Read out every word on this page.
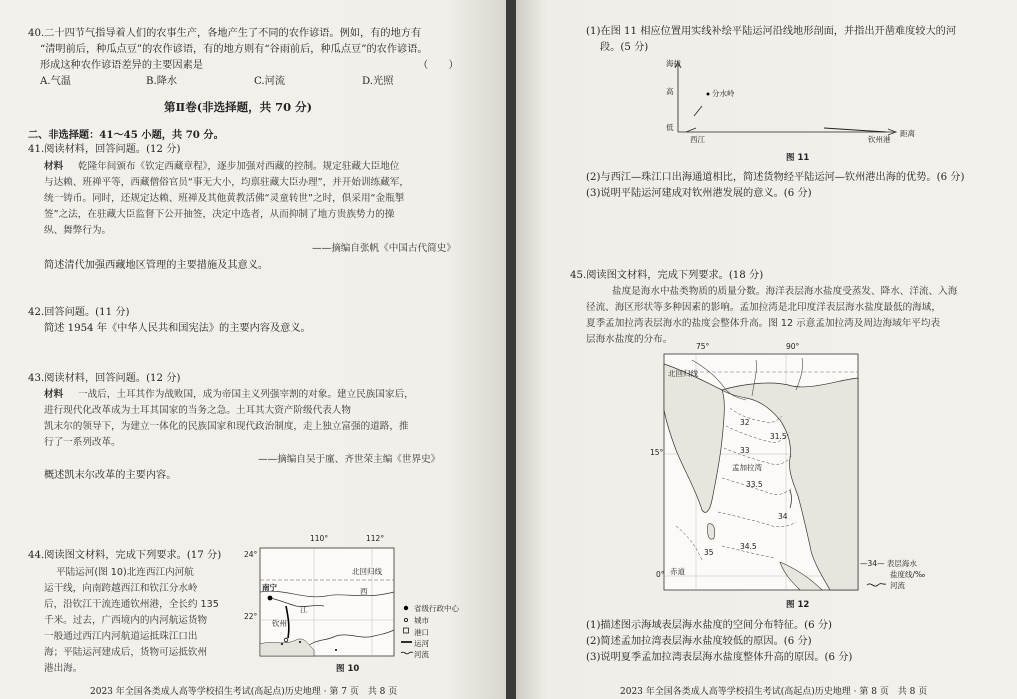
40.二十四节气指导着人们的农事生产，各地产生了不同的农作谚语。例如，有的地方有
“清明前后，种瓜点豆”的农作谚语，有的地方则有“谷雨前后，种瓜点豆”的农作谚语。
形成这种农作谚语差异的主要因素是	（　　）
A.气温	B.降水	C.河流	D.光照
第Ⅱ卷(非选择题，共 70 分)
二、非选择题：41～45 小题，共 70 分。
41.阅读材料，回答问题。(12 分)
材料 乾隆年间颁布《钦定西藏章程》，逐步加强对西藏的控制。规定驻藏大臣地位
与达赖、班禅平等，西藏僧俗官员“事无大小，均禀驻藏大臣办理”，并开始训练藏军，
统一铸币。同时，还规定达赖、班禅及其他黄教活佛“灵童转世”之时，俱采用“金瓶掣
签”之法，在驻藏大臣监督下公开抽签，决定中选者，从而抑制了地方贵族势力的操
纵、舞弊行为。
——摘编自张帆《中国古代简史》
简述清代加强西藏地区管理的主要措施及其意义。
42.回答问题。(11 分)
简述 1954 年《中华人民共和国宪法》的主要内容及意义。
43.阅读材料，回答问题。(12 分)
材料 一战后，土耳其作为战败国，成为帝国主义列强宰割的对象。建立民族国家后，
进行现代化改革成为土耳其国家的当务之急。土耳其大资产阶级代表人物
凯末尔的领导下，为建立一体化的民族国家和现代政治制度，走上独立富强的道路，推
行了一系列改革。
——摘编自吴于廑、齐世荣主编《世界史》
概述凯末尔改革的主要内容。
44.阅读图文材料，完成下列要求。(17 分)
平陆运河(图 10)北连西江内河航
运干线，向南跨越西江和钦江分水岭
后，沿钦江干流连通钦州港，全长约 135
千米。过去，广西境内的内河航运货物
一般通过西江内河航道运抵珠江口出
海；平陆运河建成后，货物可运抵钦州
港出海。
110°	112°
24°
22°
北回归线
南宁	西
江
钦州
省级行政中心
城市
港口
运河
河流
图 10
2023 年全国各类成人高等学校招生考试(高起点)历史地理 · 第 7 页　共 8 页
(1)在图 11 相应位置用实线补绘平陆运河沿线地形剖面，并指出开凿难度较大的河
段。(5 分)
海拔
高
低
分水岭
西江	钦州港
距离
图 11
(2)与西江—珠江口出海通道相比，简述货物经平陆运河—钦州港出海的优势。(6 分)
(3)说明平陆运河建成对钦州港发展的意义。(6 分)
45.阅读图文材料，完成下列要求。(18 分)
盐度是海水中盐类物质的质量分数。海洋表层海水盐度受蒸发、降水、洋流、入海
径流、海区形状等多种因素的影响。孟加拉湾是北印度洋表层海水盐度最低的海域，
夏季孟加拉湾表层海水的盐度会整体升高。图 12 示意孟加拉湾及周边海域年平均表
层海水盐度的分布。
75°	90°
北回归线
15°
0° 赤道
孟加拉湾
32
31.5
33
33.5
34
34.5
35
—34— 表层海水
盐度线/‰
河流
图 12
(1)描述图示海域表层海水盐度的空间分布特征。(6 分)
(2)简述孟加拉湾表层海水盐度较低的原因。(6 分)
(3)说明夏季孟加拉湾表层海水盐度整体升高的原因。(6 分)
2023 年全国各类成人高等学校招生考试(高起点)历史地理 · 第 8 页　共 8 页
